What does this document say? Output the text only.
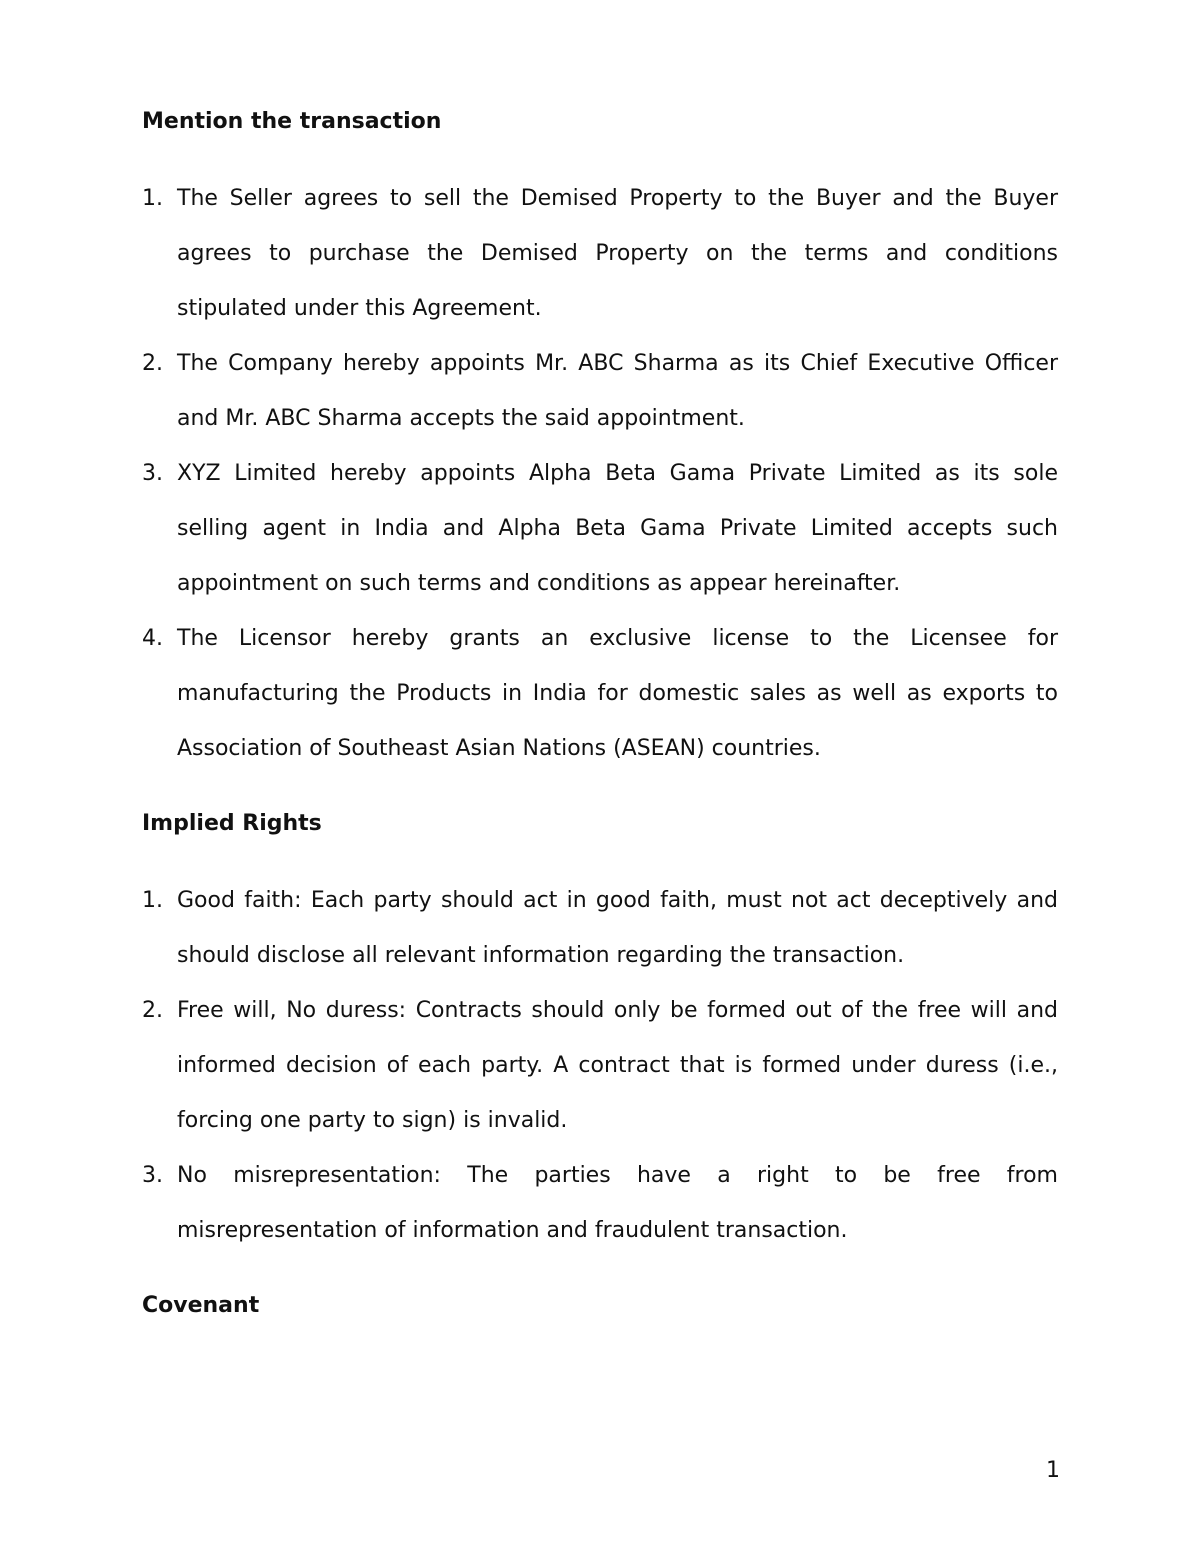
Mention the transaction
1. The Seller agrees to sell the Demised Property to the Buyer and the Buyer agrees to purchase the Demised Property on the terms and conditions stipulated under this Agreement.
2. The Company hereby appoints Mr. ABC Sharma as its Chief Executive Officer and Mr. ABC Sharma accepts the said appointment.
3. XYZ Limited hereby appoints Alpha Beta Gama Private Limited as its sole selling agent in India and Alpha Beta Gama Private Limited accepts such appointment on such terms and conditions as appear hereinafter.
4. The Licensor hereby grants an exclusive license to the Licensee for manufacturing the Products in India for domestic sales as well as exports to Association of Southeast Asian Nations (ASEAN) countries.
Implied Rights
1. Good faith: Each party should act in good faith, must not act deceptively and should disclose all relevant information regarding the transaction.
2. Free will, No duress: Contracts should only be formed out of the free will and informed decision of each party. A contract that is formed under duress (i.e., forcing one party to sign) is invalid.
3. No misrepresentation: The parties have a right to be free from misrepresentation of information and fraudulent transaction.
Covenant
1
